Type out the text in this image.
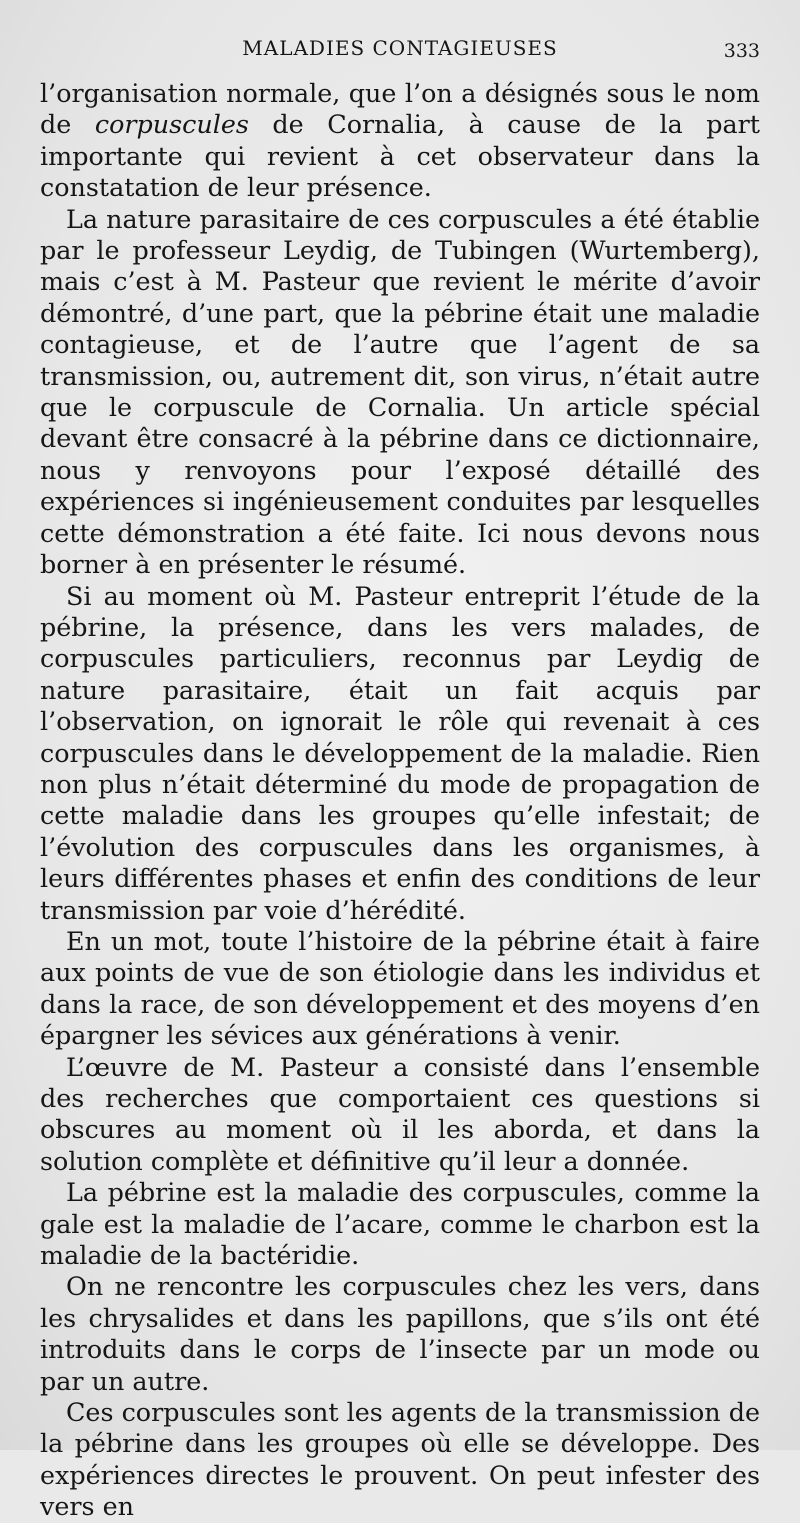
MALADIES CONTAGIEUSES	333

l’organisation normale, que l’on a désignés sous le nom de corpuscules de Cornalia, à cause de la part importante qui revient à cet observateur dans la constatation de leur présence.

La nature parasitaire de ces corpuscules a été établie par le professeur Leydig, de Tubingen (Wurtemberg), mais c’est à M. Pasteur que revient le mérite d’avoir démontré, d’une part, que la pébrine était une maladie contagieuse, et de l’autre que l’agent de sa transmission, ou, autrement dit, son virus, n’était autre que le corpuscule de Cornalia. Un article spécial devant être consacré à la pébrine dans ce dictionnaire, nous y renvoyons pour l’exposé détaillé des expériences si ingénieusement conduites par lesquelles cette démonstration a été faite. Ici nous devons nous borner à en présenter le résumé.

Si au moment où M. Pasteur entreprit l’étude de la pébrine, la présence, dans les vers malades, de corpuscules particuliers, reconnus par Leydig de nature parasitaire, était un fait acquis par l’observation, on ignorait le rôle qui revenait à ces corpuscules dans le développement de la maladie. Rien non plus n’était déterminé du mode de propagation de cette maladie dans les groupes qu’elle infestait; de l’évolution des corpuscules dans les organismes, à leurs différentes phases et enfin des conditions de leur transmission par voie d’hérédité.

En un mot, toute l’histoire de la pébrine était à faire aux points de vue de son étiologie dans les individus et dans la race, de son développement et des moyens d’en épargner les sévices aux générations à venir.

L’œuvre de M. Pasteur a consisté dans l’ensemble des recherches que comportaient ces questions si obscures au moment où il les aborda, et dans la solution complète et définitive qu’il leur a donnée.

La pébrine est la maladie des corpuscules, comme la gale est la maladie de l’acare, comme le charbon est la maladie de la bactéridie.

On ne rencontre les corpuscules chez les vers, dans les chrysalides et dans les papillons, que s’ils ont été introduits dans le corps de l’insecte par un mode ou par un autre.

Ces corpuscules sont les agents de la transmission de la pébrine dans les groupes où elle se développe. Des expériences directes le prouvent. On peut infester des vers en
